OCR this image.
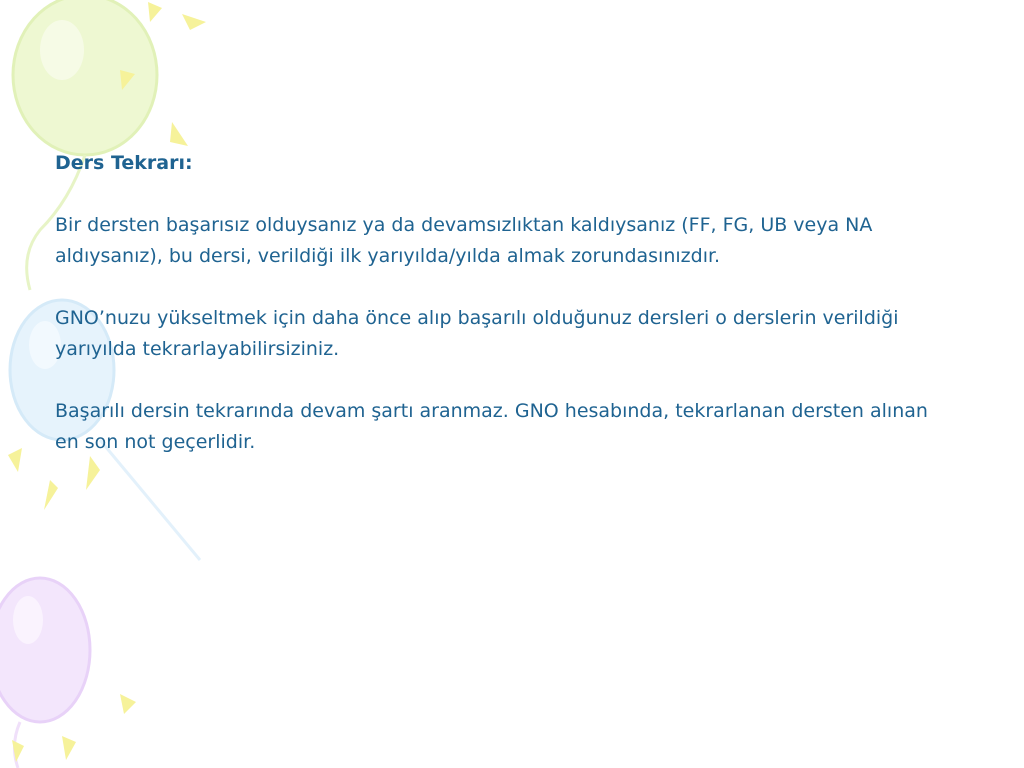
Ders Tekrarı:
Bir dersten başarısız olduysanız ya da devamsızlıktan kaldıysanız (FF, FG, UB veya NA aldıysanız), bu dersi, verildiği ilk yarıyılda/yılda almak zorundasınızdır.
GNO’nuzu yükseltmek için daha önce alıp başarılı olduğunuz dersleri o derslerin verildiği yarıyılda tekrarlayabilirsiziniz.
Başarılı dersin tekrarında devam şartı aranmaz. GNO hesabında, tekrarlanan dersten alınan en son not geçerlidir.
